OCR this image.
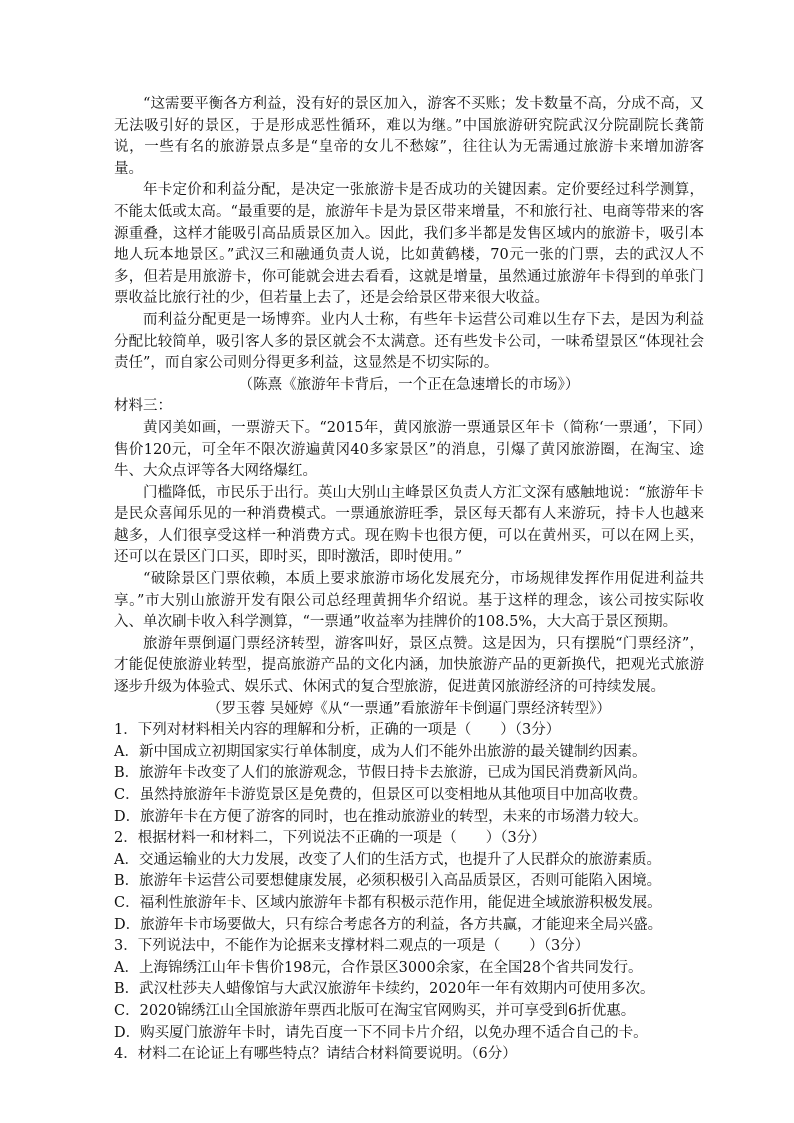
“这需要平衡各方利益，没有好的景区加入，游客不买账；发卡数量不高，分成不高，又无法吸引好的景区，于是形成恶性循环，难以为继。”中国旅游研究院武汉分院副院长龚箭说，一些有名的旅游景点多是“皇帝的女儿不愁嫁”，往往认为无需通过旅游卡来增加游客量。

年卡定价和利益分配，是决定一张旅游卡是否成功的关键因素。定价要经过科学测算，不能太低或太高。“最重要的是，旅游年卡是为景区带来增量，不和旅行社、电商等带来的客源重叠，这样才能吸引高品质景区加入。因此，我们多半都是发售区域内的旅游卡，吸引本地人玩本地景区。”武汉三和融通负责人说，比如黄鹤楼，70元一张的门票，去的武汉人不多，但若是用旅游卡，你可能就会进去看看，这就是增量，虽然通过旅游年卡得到的单张门票收益比旅行社的少，但若量上去了，还是会给景区带来很大收益。

而利益分配更是一场博弈。业内人士称，有些年卡运营公司难以生存下去，是因为利益分配比较简单，吸引客人多的景区就会不太满意。还有些发卡公司，一味希望景区“体现社会责任”，而自家公司则分得更多利益，这显然是不切实际的。

（陈熹《旅游年卡背后，一个正在急速增长的市场》）

材料三：

黄冈美如画，一票游天下。“2015年，黄冈旅游一票通景区年卡（简称‘一票通’，下同）售价120元，可全年不限次游遍黄冈40多家景区”的消息，引爆了黄冈旅游圈，在淘宝、途牛、大众点评等各大网络爆红。

门槛降低，市民乐于出行。英山大别山主峰景区负责人方汇文深有感触地说：“旅游年卡是民众喜闻乐见的一种消费模式。一票通旅游旺季，景区每天都有人来游玩，持卡人也越来越多，人们很享受这样一种消费方式。现在购卡也很方便，可以在黄州买，可以在网上买，还可以在景区门口买，即时买，即时激活，即时使用。”

“破除景区门票依赖，本质上要求旅游市场化发展充分，市场规律发挥作用促进利益共享。”市大别山旅游开发有限公司总经理黄拥华介绍说。基于这样的理念，该公司按实际收入、单次刷卡收入科学测算，“一票通”收益率为挂牌价的108.5%，大大高于景区预期。

旅游年票倒逼门票经济转型，游客叫好，景区点赞。这是因为，只有摆脱“门票经济”，才能促使旅游业转型，提高旅游产品的文化内涵，加快旅游产品的更新换代，把观光式旅游逐步升级为体验式、娱乐式、休闲式的复合型旅游，促进黄冈旅游经济的可持续发展。

（罗玉蓉 吴娅婷《从“一票通”看旅游年卡倒逼门票经济转型》）

1．下列对材料相关内容的理解和分析，正确的一项是（　　）（3分）

A．新中国成立初期国家实行单体制度，成为人们不能外出旅游的最关键制约因素。

B．旅游年卡改变了人们的旅游观念，节假日持卡去旅游，已成为国民消费新风尚。

C．虽然持旅游年卡游览景区是免费的，但景区可以变相地从其他项目中加高收费。

D．旅游年卡在方便了游客的同时，也在推动旅游业的转型，未来的市场潜力较大。

2．根据材料一和材料二，下列说法不正确的一项是（　　）（3分）

A．交通运输业的大力发展，改变了人们的生活方式，也提升了人民群众的旅游素质。

B．旅游年卡运营公司要想健康发展，必须积极引入高品质景区，否则可能陷入困境。

C．福利性旅游年卡、区域内旅游年卡都有积极示范作用，能促进全域旅游积极发展。

D．旅游年卡市场要做大，只有综合考虑各方的利益，各方共赢，才能迎来全局兴盛。

3．下列说法中，不能作为论据来支撑材料二观点的一项是（　　）（3分）

A．上海锦绣江山年卡售价198元，合作景区3000余家，在全国28个省共同发行。

B．武汉杜莎夫人蜡像馆与大武汉旅游年卡续约，2020年一年有效期内可使用多次。

C．2020锦绣江山全国旅游年票西北版可在淘宝官网购买，并可享受到6折优惠。

D．购买厦门旅游年卡时，请先百度一下不同卡片介绍，以免办理不适合自己的卡。

4．材料二在论证上有哪些特点？请结合材料简要说明。（6分）
